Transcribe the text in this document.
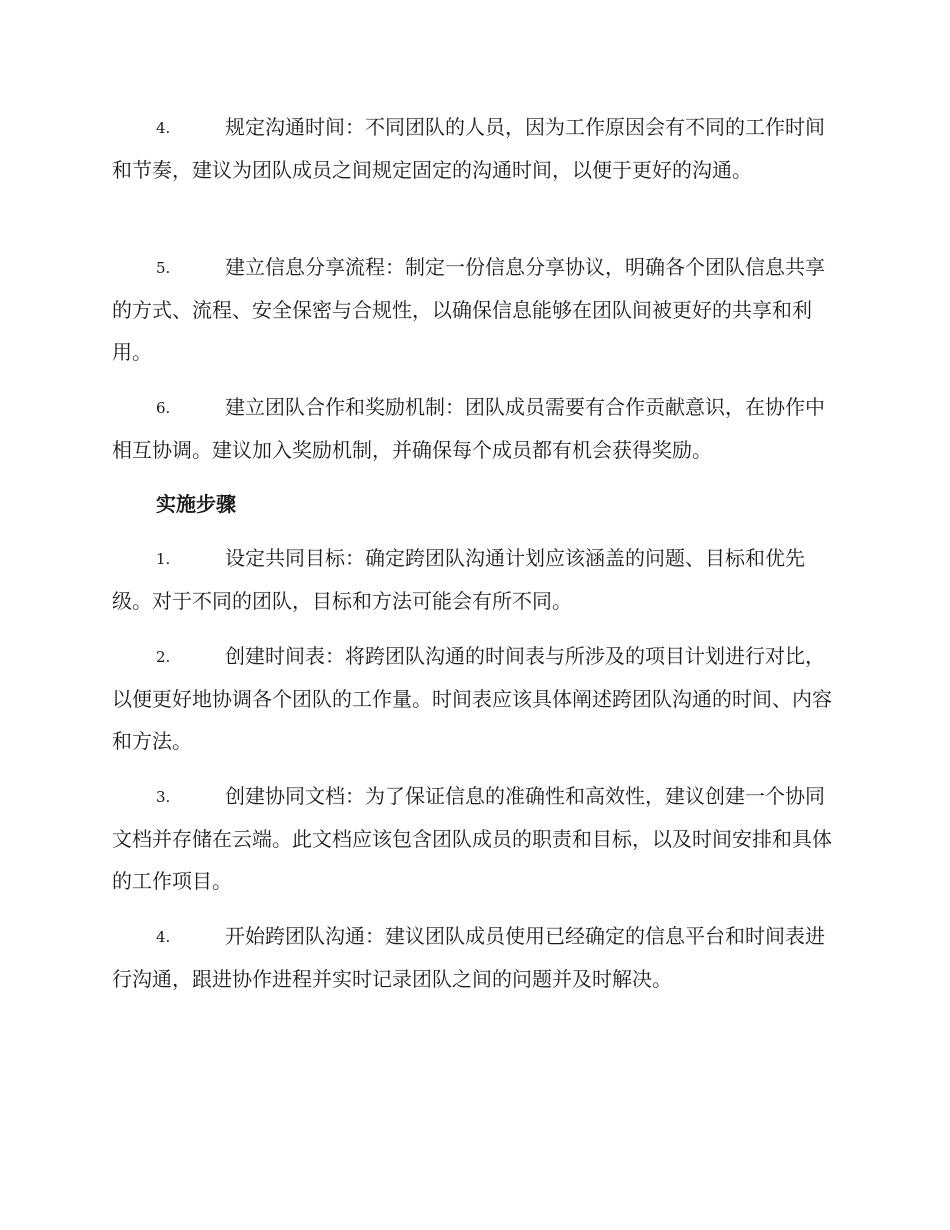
4.	规定沟通时间：不同团队的人员，因为工作原因会有不同的工作时间和节奏，建议为团队成员之间规定固定的沟通时间，以便于更好的沟通。

5.	建立信息分享流程：制定一份信息分享协议，明确各个团队信息共享的方式、流程、安全保密与合规性，以确保信息能够在团队间被更好的共享和利用。

6.	建立团队合作和奖励机制：团队成员需要有合作贡献意识，在协作中相互协调。建议加入奖励机制，并确保每个成员都有机会获得奖励。

实施步骤

1.	设定共同目标：确定跨团队沟通计划应该涵盖的问题、目标和优先级。对于不同的团队，目标和方法可能会有所不同。

2.	创建时间表：将跨团队沟通的时间表与所涉及的项目计划进行对比，以便更好地协调各个团队的工作量。时间表应该具体阐述跨团队沟通的时间、内容和方法。

3.	创建协同文档：为了保证信息的准确性和高效性，建议创建一个协同文档并存储在云端。此文档应该包含团队成员的职责和目标，以及时间安排和具体的工作项目。

4.	开始跨团队沟通：建议团队成员使用已经确定的信息平台和时间表进行沟通，跟进协作进程并实时记录团队之间的问题并及时解决。
